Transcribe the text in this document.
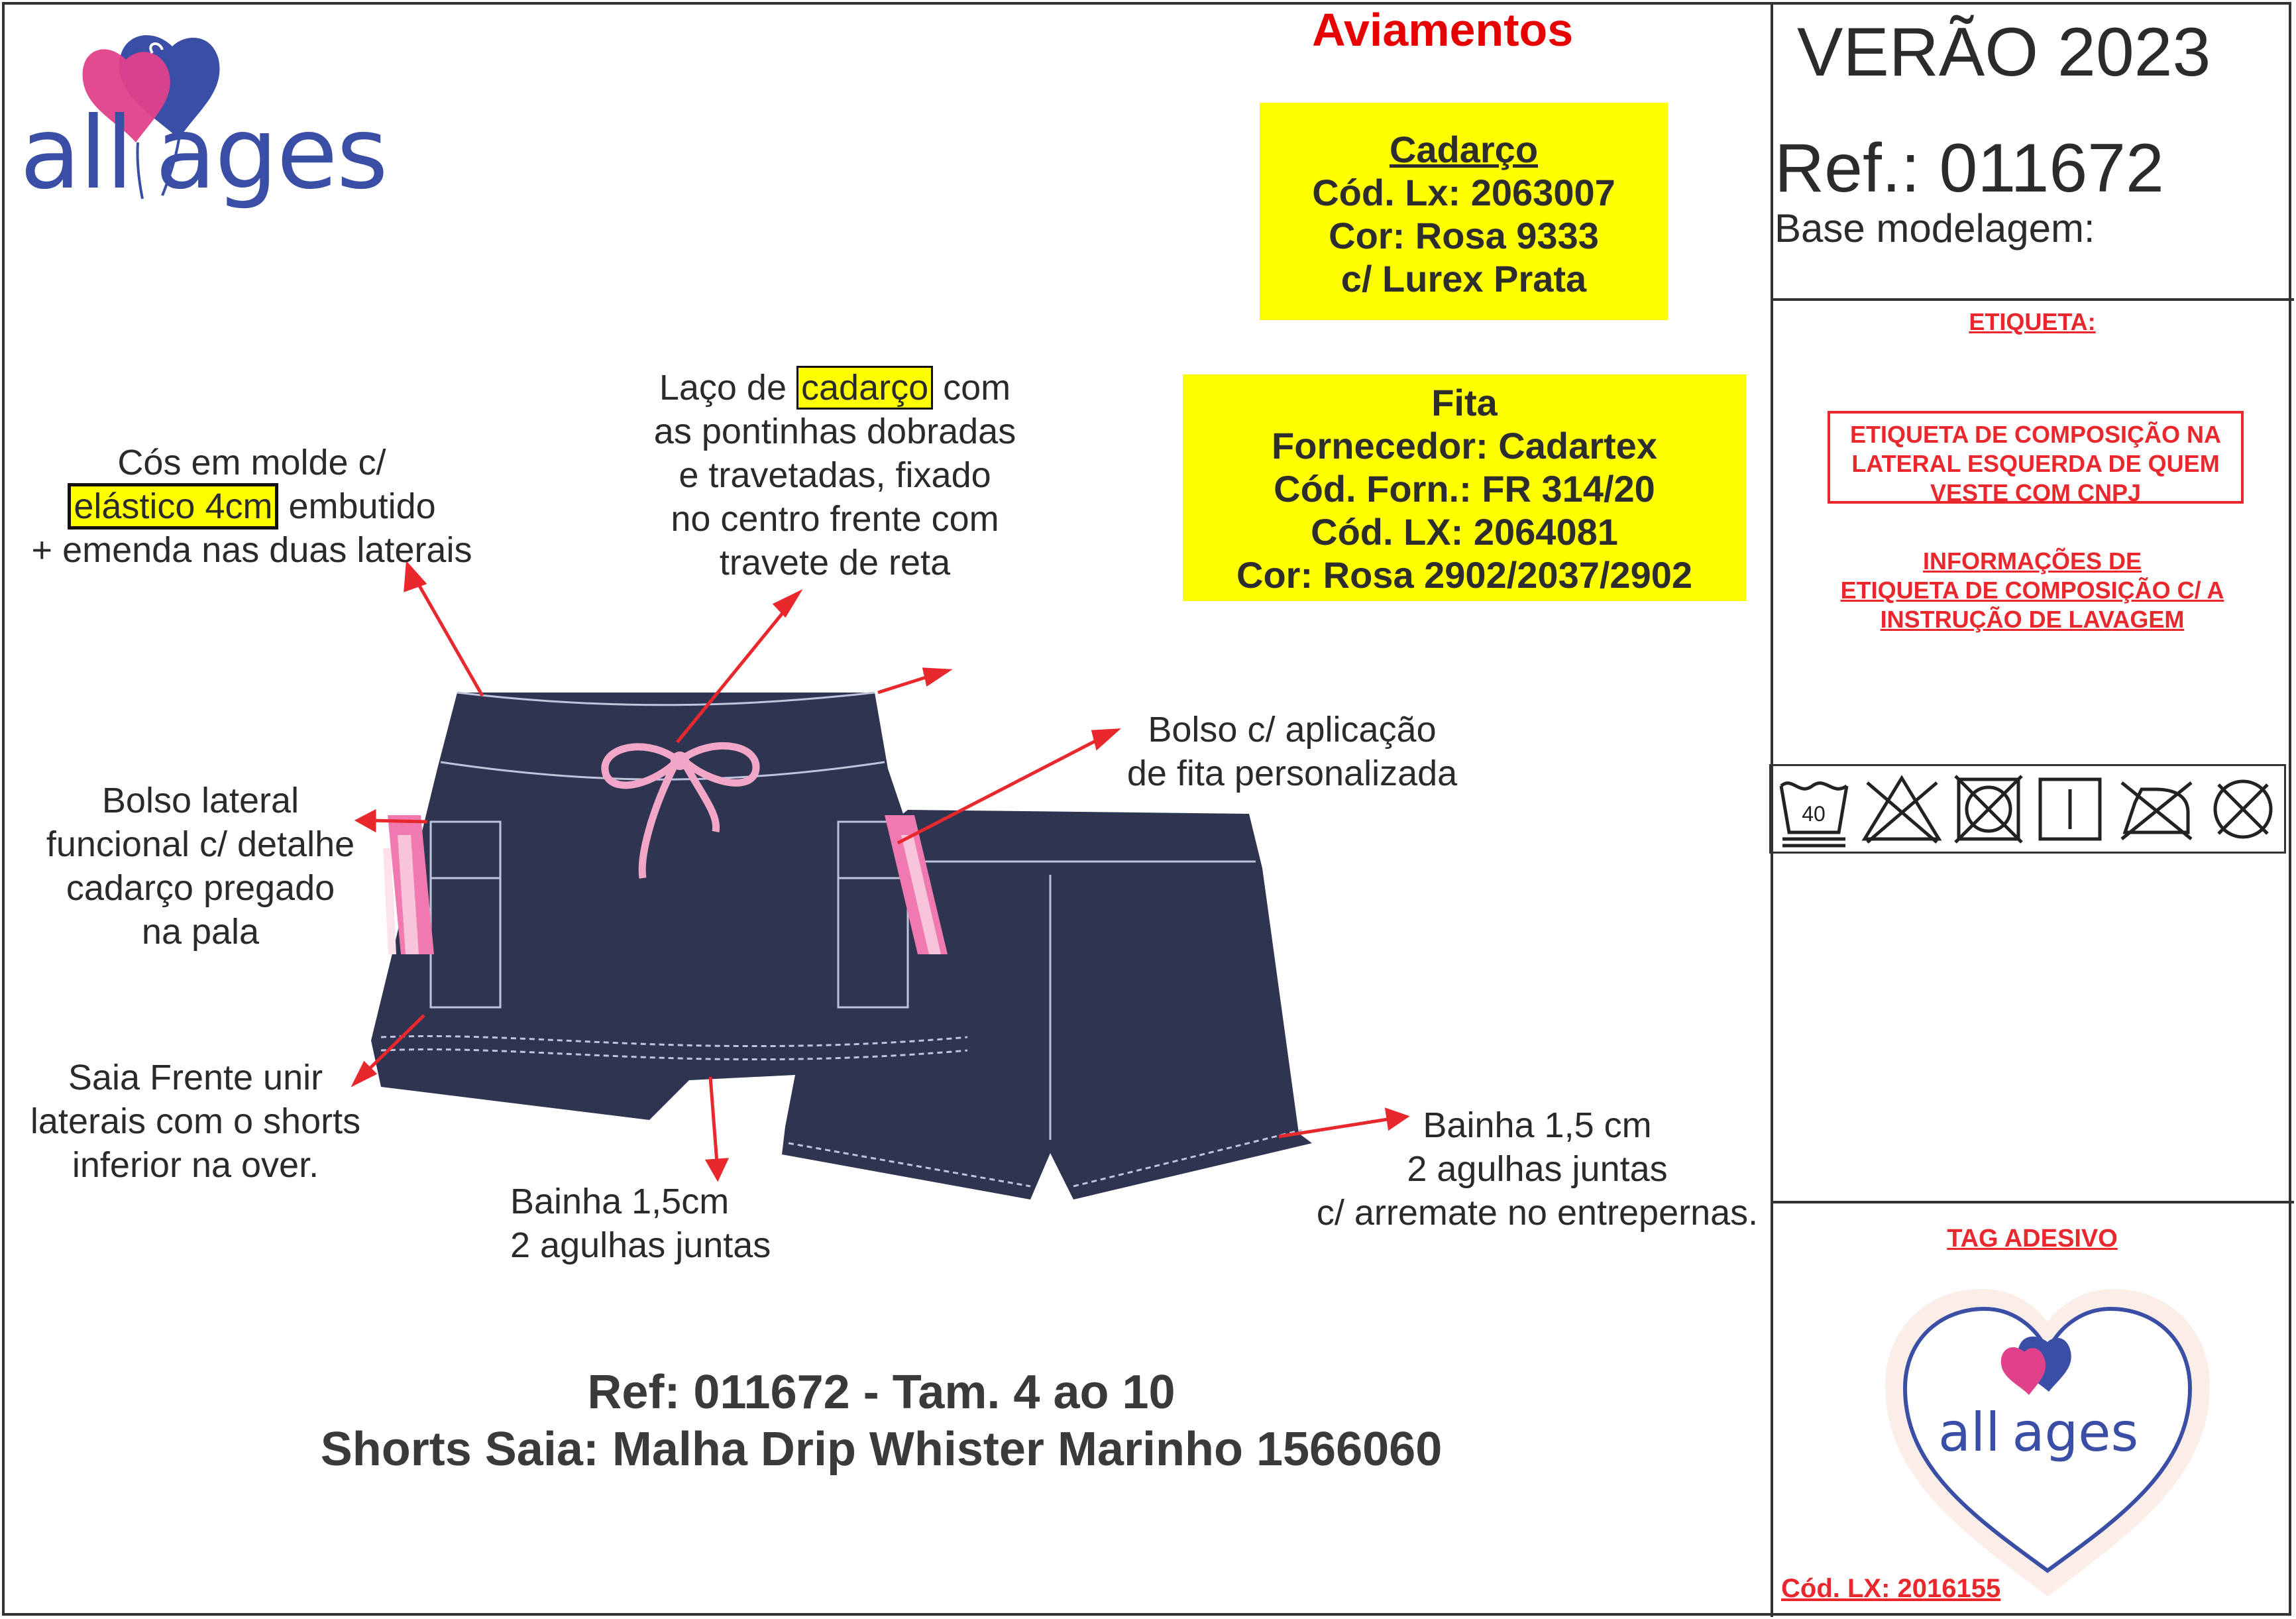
all ages
Aviamentos
Cadarço
Cód. Lx: 2063007
Cor: Rosa 9333
c/ Lurex Prata
Fita
Fornecedor: Cadartex
Cód. Forn.: FR 314/20
Cód. LX: 2064081
Cor: Rosa 2902/2037/2902
VERÃO 2023
Ref.: 011672
Base modelagem:
ETIQUETA:
ETIQUETA DE COMPOSIÇÃO NA
LATERAL ESQUERDA DE QUEM
VESTE COM CNPJ
INFORMAÇÕES DE
ETIQUETA DE COMPOSIÇÃO C/ A
INSTRUÇÃO DE LAVAGEM
40
TAG ADESIVO
all ages
Cód. LX: 2016155
Cós em molde c/
elástico 4cm embutido
+ emenda nas duas laterais
Laço de cadarço com
as pontinhas dobradas
e travetadas, fixado
no centro frente com
travete de reta
Bolso c/ aplicação
de fita personalizada
Bolso lateral
funcional c/ detalhe
cadarço pregado
na pala
Saia Frente unir
laterais com o shorts
inferior na over.
Bainha 1,5cm
2 agulhas juntas
Bainha 1,5 cm
2 agulhas juntas
c/ arremate no entrepernas.
Ref: 011672 - Tam. 4 ao 10
Shorts Saia: Malha Drip Whister Marinho 1566060
